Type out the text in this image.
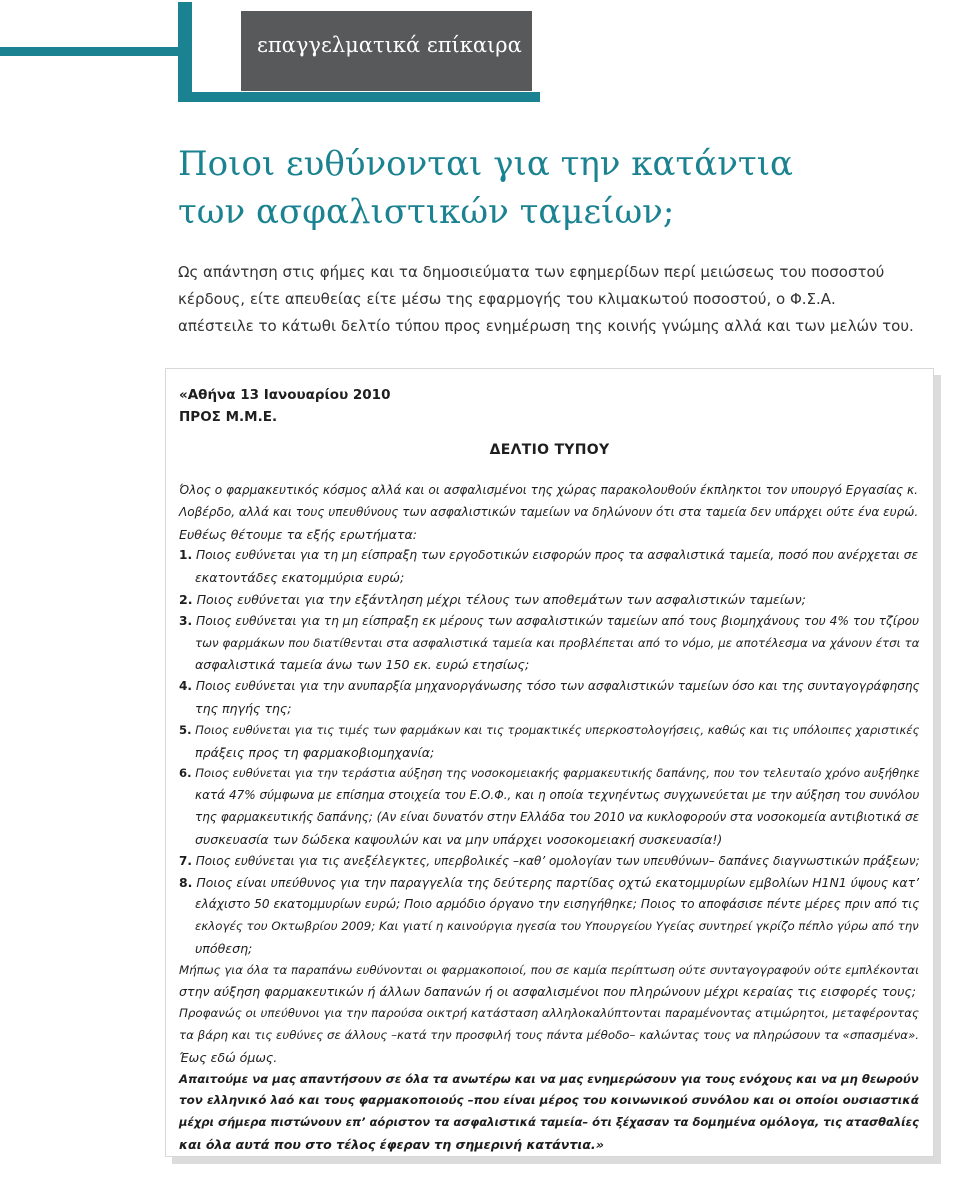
επαγγελματικά επίκαιρα
Ποιοι ευθύνονται για την κατάντια
των ασφαλιστικών ταμείων;

Ως απάντηση στις φήμες και τα δημοσιεύματα των εφημερίδων περί μειώσεως του ποσοστού
κέρδους, είτε απευθείας είτε μέσω της εφαρμογής του κλιμακωτού ποσοστού, ο Φ.Σ.Α.
απέστειλε το κάτωθι δελτίο τύπου προς ενημέρωση της κοινής γνώμης αλλά και των μελών του.

«Αθήνα 13 Ιανουαρίου 2010
ΠΡΟΣ Μ.Μ.Ε.
ΔΕΛΤΙΟ ΤΥΠΟΥ
Όλος ο φαρμακευτικός κόσμος αλλά και οι ασφαλισμένοι της χώρας παρακολουθούν έκπληκτοι τον υπουργό Εργασίας κ.
Λοβέρδο, αλλά και τους υπευθύνους των ασφαλιστικών ταμείων να δηλώνουν ότι στα ταμεία δεν υπάρχει ούτε ένα ευρώ.
Ευθέως θέτουμε τα εξής ερωτήματα:
1. Ποιος ευθύνεται για τη μη είσπραξη των εργοδοτικών εισφορών προς τα ασφαλιστικά ταμεία, ποσό που ανέρχεται σε
εκατοντάδες εκατομμύρια ευρώ;
2. Ποιος ευθύνεται για την εξάντληση μέχρι τέλους των αποθεμάτων των ασφαλιστικών ταμείων;
3. Ποιος ευθύνεται για τη μη είσπραξη εκ μέρους των ασφαλιστικών ταμείων από τους βιομηχάνους του 4% του τζίρου
των φαρμάκων που διατίθενται στα ασφαλιστικά ταμεία και προβλέπεται από το νόμο, με αποτέλεσμα να χάνουν έτσι τα
ασφαλιστικά ταμεία άνω των 150 εκ. ευρώ ετησίως;
4. Ποιος ευθύνεται για την ανυπαρξία μηχανοργάνωσης τόσο των ασφαλιστικών ταμείων όσο και της συνταγογράφησης
της πηγής της;
5. Ποιος ευθύνεται για τις τιμές των φαρμάκων και τις τρομακτικές υπερκοστολογήσεις, καθώς και τις υπόλοιπες χαριστικές
πράξεις προς τη φαρμακοβιομηχανία;
6. Ποιος ευθύνεται για την τεράστια αύξηση της νοσοκομειακής φαρμακευτικής δαπάνης, που τον τελευταίο χρόνο αυξήθηκε
κατά 47% σύμφωνα με επίσημα στοιχεία του Ε.Ο.Φ., και η οποία τεχνηέντως συγχωνεύεται με την αύξηση του συνόλου
της φαρμακευτικής δαπάνης; (Αν είναι δυνατόν στην Ελλάδα του 2010 να κυκλοφορούν στα νοσοκομεία αντιβιοτικά σε
συσκευασία των δώδεκα καψουλών και να μην υπάρχει νοσοκομειακή συσκευασία!)
7. Ποιος ευθύνεται για τις ανεξέλεγκτες, υπερβολικές –καθ’ ομολογίαν των υπευθύνων– δαπάνες διαγνωστικών πράξεων;
8. Ποιος είναι υπεύθυνος για την παραγγελία της δεύτερης παρτίδας οχτώ εκατομμυρίων εμβολίων H1N1 ύψους κατ’
ελάχιστο 50 εκατομμυρίων ευρώ; Ποιο αρμόδιο όργανο την εισηγήθηκε; Ποιος το αποφάσισε πέντε μέρες πριν από τις
εκλογές του Οκτωβρίου 2009; Και γιατί η καινούργια ηγεσία του Υπουργείου Υγείας συντηρεί γκρίζο πέπλο γύρω από την
υπόθεση;
Μήπως για όλα τα παραπάνω ευθύνονται οι φαρμακοποιοί, που σε καμία περίπτωση ούτε συνταγογραφούν ούτε εμπλέκονται
στην αύξηση φαρμακευτικών ή άλλων δαπανών ή οι ασφαλισμένοι που πληρώνουν μέχρι κεραίας τις εισφορές τους;
Προφανώς οι υπεύθυνοι για την παρούσα οικτρή κατάσταση αλληλοκαλύπτονται παραμένοντας ατιμώρητοι, μεταφέροντας
τα βάρη και τις ευθύνες σε άλλους –κατά την προσφιλή τους πάντα μέθοδο– καλώντας τους να πληρώσουν τα «σπασμένα».
Έως εδώ όμως.
Απαιτούμε να μας απαντήσουν σε όλα τα ανωτέρω και να μας ενημερώσουν για τους ενόχους και να μη θεωρούν
τον ελληνικό λαό και τους φαρμακοποιούς –που είναι μέρος του κοινωνικού συνόλου και οι οποίοι ουσιαστικά
μέχρι σήμερα πιστώνουν επ’ αόριστον τα ασφαλιστικά ταμεία– ότι ξέχασαν τα δομημένα ομόλογα, τις ατασθαλίες
και όλα αυτά που στο τέλος έφεραν τη σημερινή κατάντια.»
